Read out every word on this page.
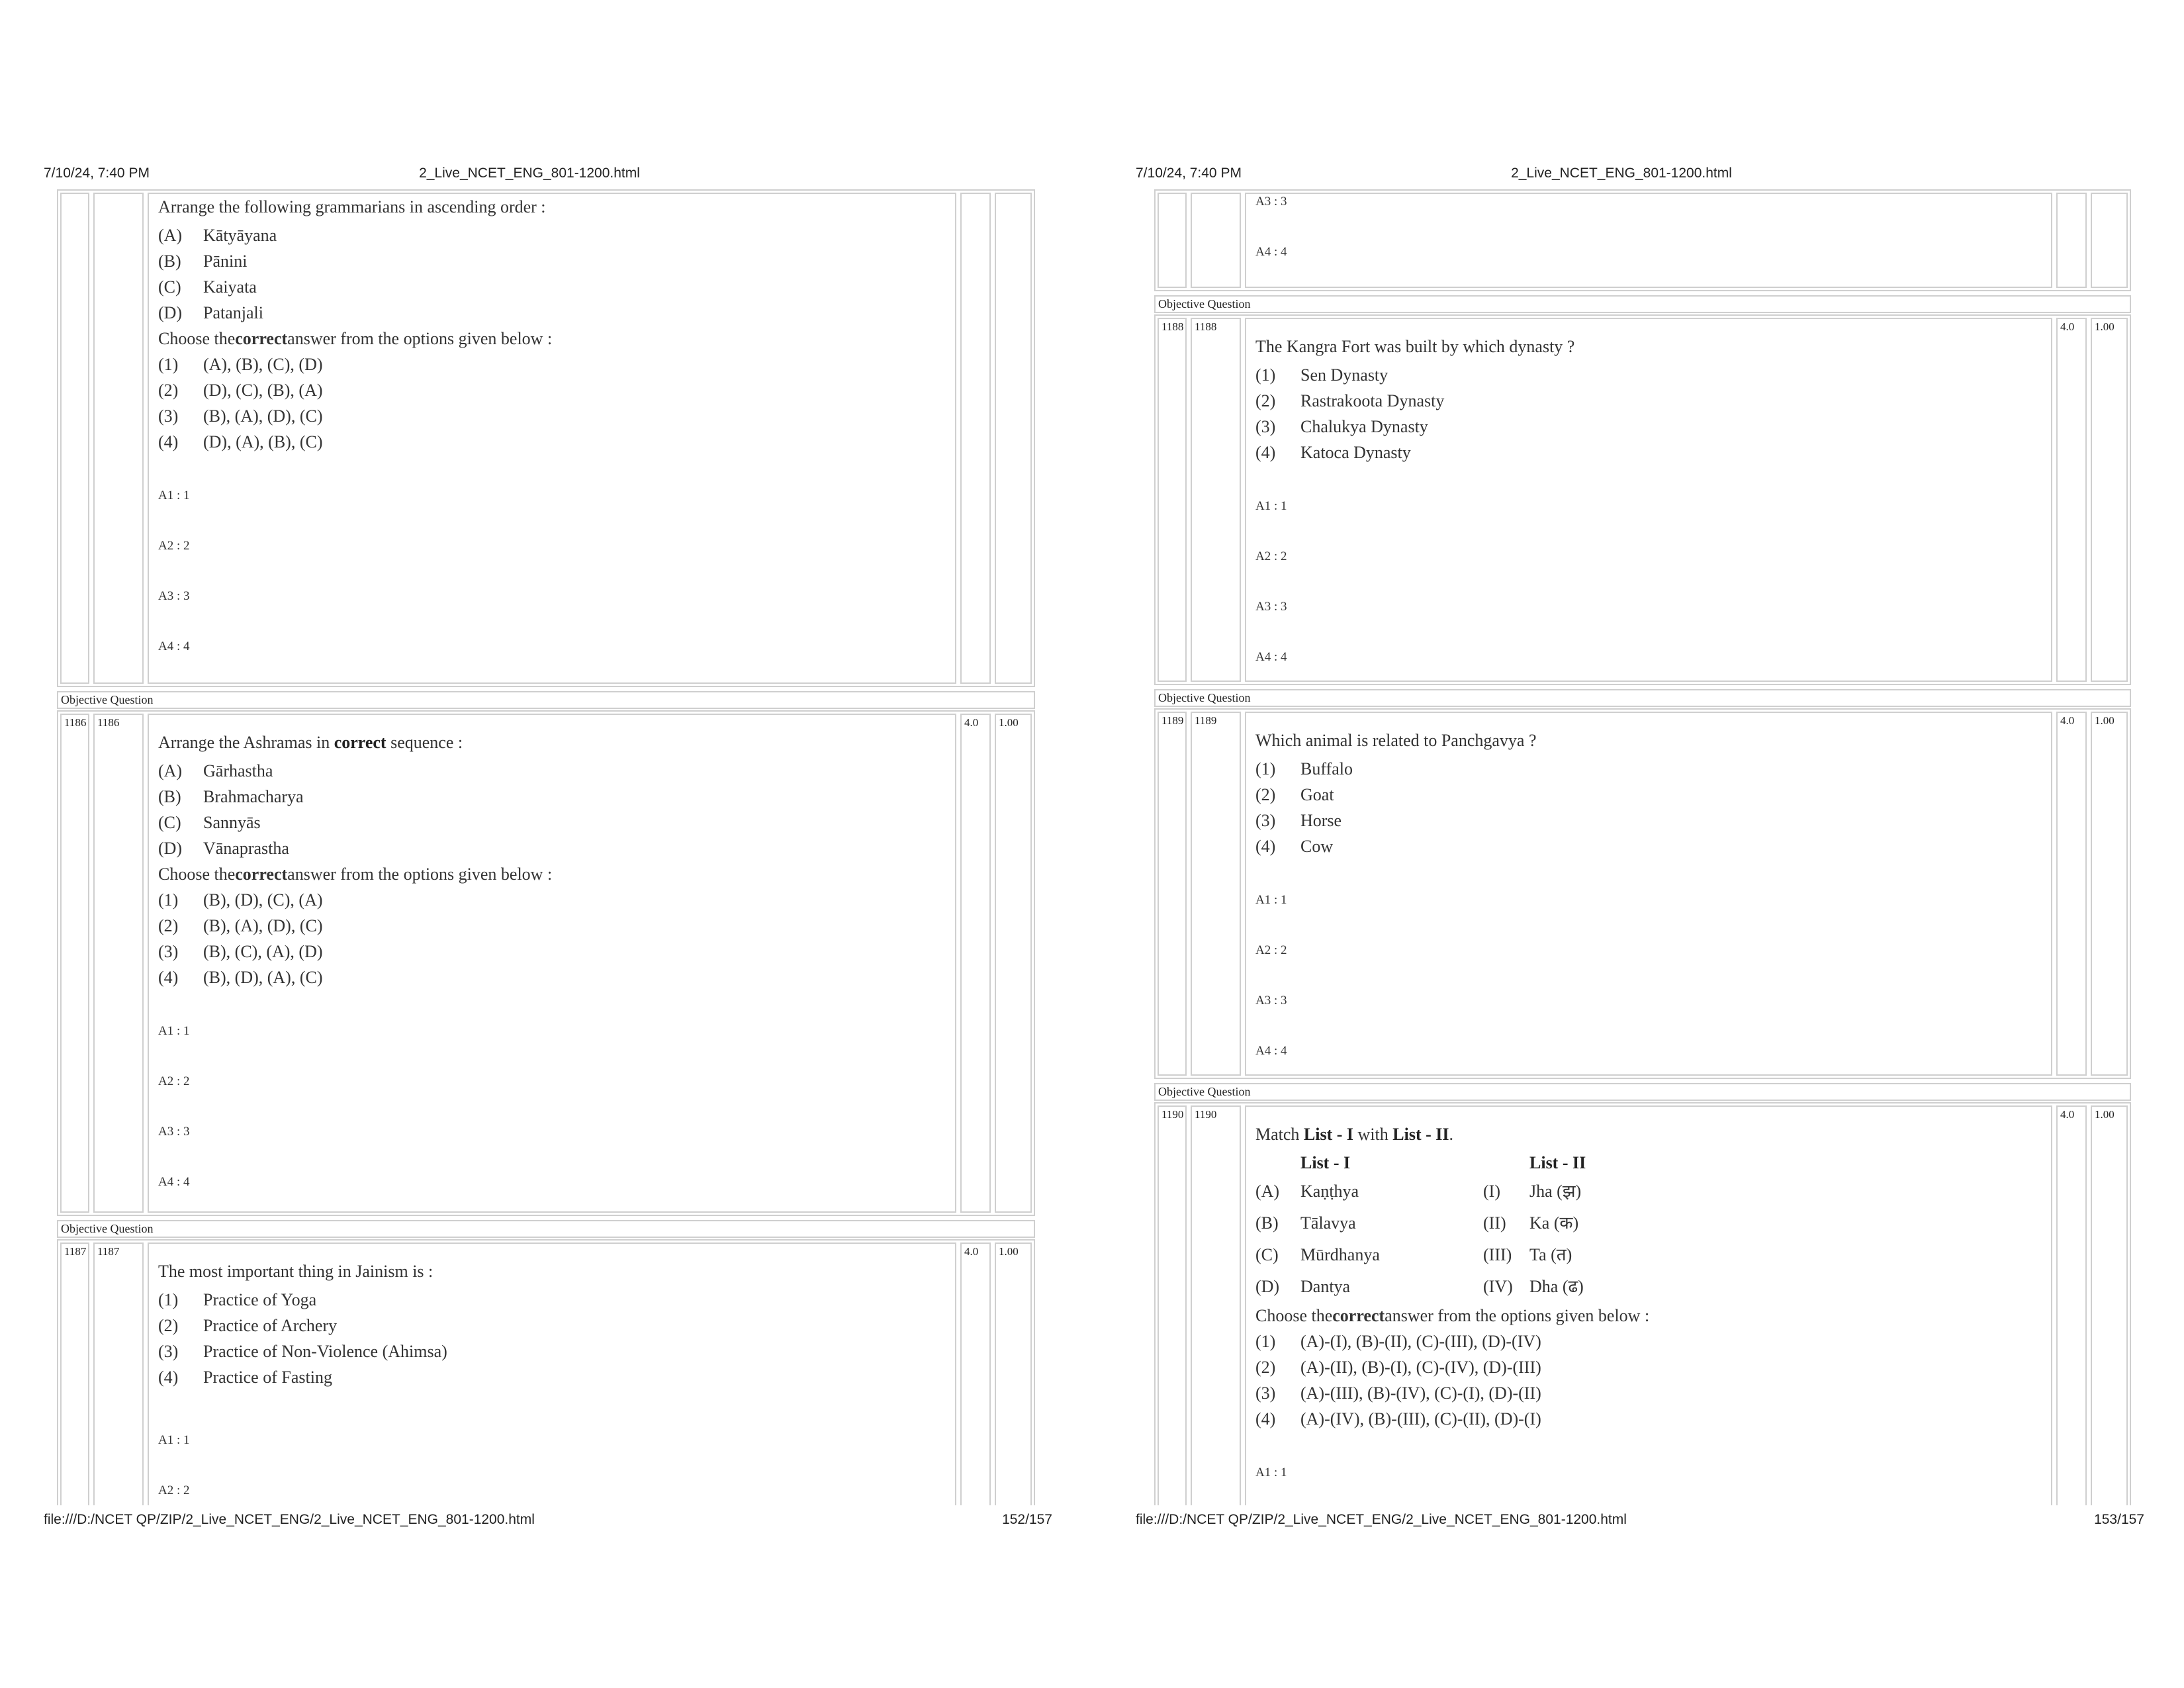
7/10/24, 7:40 PM	2_Live_NCET_ENG_801-1200.html
Arrange the following grammarians in ascending order :
(A)	Kātyāyana
(B)	Pānini
(C)	Kaiyata
(D)	Patanjali
Choose the correct answer from the options given below :
(1)	(A), (B), (C), (D)
(2)	(D), (C), (B), (A)
(3)	(B), (A), (D), (C)
(4)	(D), (A), (B), (C)
A1 : 1
A2 : 2
A3 : 3
A4 : 4
Objective Question
1186 1186
Arrange the Ashramas in correct sequence :
(A)	Gārhastha
(B)	Brahmacharya
(C)	Sannyās
(D)	Vānaprastha
Choose the correct answer from the options given below :
(1)	(B), (D), (C), (A)
(2)	(B), (A), (D), (C)
(3)	(B), (C), (A), (D)
(4)	(B), (D), (A), (C)
A1 : 1
A2 : 2
A3 : 3
A4 : 4
4.0	1.00
Objective Question
1187 1187
The most important thing in Jainism is :
(1)	Practice of Yoga
(2)	Practice of Archery
(3)	Practice of Non-Violence (Ahimsa)
(4)	Practice of Fasting
A1 : 1
A2 : 2
4.0	1.00
file:///D:/NCET QP/ZIP/2_Live_NCET_ENG/2_Live_NCET_ENG_801-1200.html	152/157
7/10/24, 7:40 PM	2_Live_NCET_ENG_801-1200.html
A3 : 3
A4 : 4
Objective Question
1188 1188
The Kangra Fort was built by which dynasty ?
(1)	Sen Dynasty
(2)	Rastrakoota Dynasty
(3)	Chalukya Dynasty
(4)	Katoca Dynasty
A1 : 1
A2 : 2
A3 : 3
A4 : 4
4.0	1.00
Objective Question
1189 1189
Which animal is related to Panchgavya ?
(1)	Buffalo
(2)	Goat
(3)	Horse
(4)	Cow
A1 : 1
A2 : 2
A3 : 3
A4 : 4
4.0	1.00
Objective Question
1190 1190
Match List - I with List - II.
List - I	List - II
(A)	Kaṇṭhya	(I)	Jha (झ)
(B)	Tālavya	(II)	Ka (क)
(C)	Mūrdhanya	(III)	Ta (त)
(D)	Dantya	(IV) Dha (ढ)
Choose the correct answer from the options given below :
(1)	(A)-(I), (B)-(II), (C)-(III), (D)-(IV)
(2)	(A)-(II), (B)-(I), (C)-(IV), (D)-(III)
(3)	(A)-(III), (B)-(IV), (C)-(I), (D)-(II)
(4)	(A)-(IV), (B)-(III), (C)-(II), (D)-(I)
A1 : 1
4.0	1.00
file:///D:/NCET QP/ZIP/2_Live_NCET_ENG/2_Live_NCET_ENG_801-1200.html	153/157
